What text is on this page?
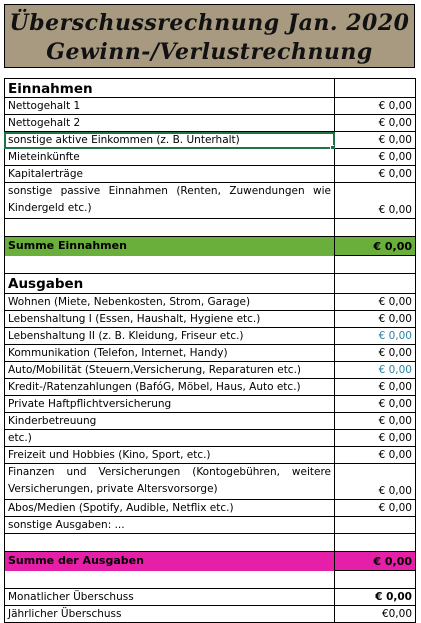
Überschussrechnung Jan. 2020
Gewinn-/Verlustrechnung
Einnahmen
Nettogehalt 1	€ 0,00
Nettogehalt 2	€ 0,00
sonstige aktive Einkommen (z. B. Unterhalt)	€ 0,00
Mieteinkünfte	€ 0,00
Kapitalerträge	€ 0,00
sonstige passive Einnahmen (Renten, Zuwendungen wie Kindergeld etc.)	€ 0,00
Summe Einnahmen	€ 0,00
Ausgaben
Wohnen (Miete, Nebenkosten, Strom, Garage)	€ 0,00
Lebenshaltung I (Essen, Haushalt, Hygiene etc.)	€ 0,00
Lebenshaltung II (z. B. Kleidung, Friseur etc.)	€ 0,00
Kommunikation (Telefon, Internet, Handy)	€ 0,00
Auto/Mobilität (Steuern,Versicherung, Reparaturen etc.)	€ 0,00
Kredit-/Ratenzahlungen (BafóG, Möbel, Haus, Auto etc.)	€ 0,00
Private Haftpflichtversicherung	€ 0,00
Kinderbetreuung	€ 0,00
etc.)	€ 0,00
Freizeit und Hobbies (Kino, Sport, etc.)	€ 0,00
Finanzen und Versicherungen (Kontogebühren, weitere Versicherungen, private Altersvorsorge)	€ 0,00
Abos/Medien (Spotify, Audible, Netflix etc.)	€ 0,00
sonstige Ausgaben: ...
Summe der Ausgaben	€ 0,00
Monatlicher Überschuss	€ 0,00
Jährlicher Überschuss	€0,00
